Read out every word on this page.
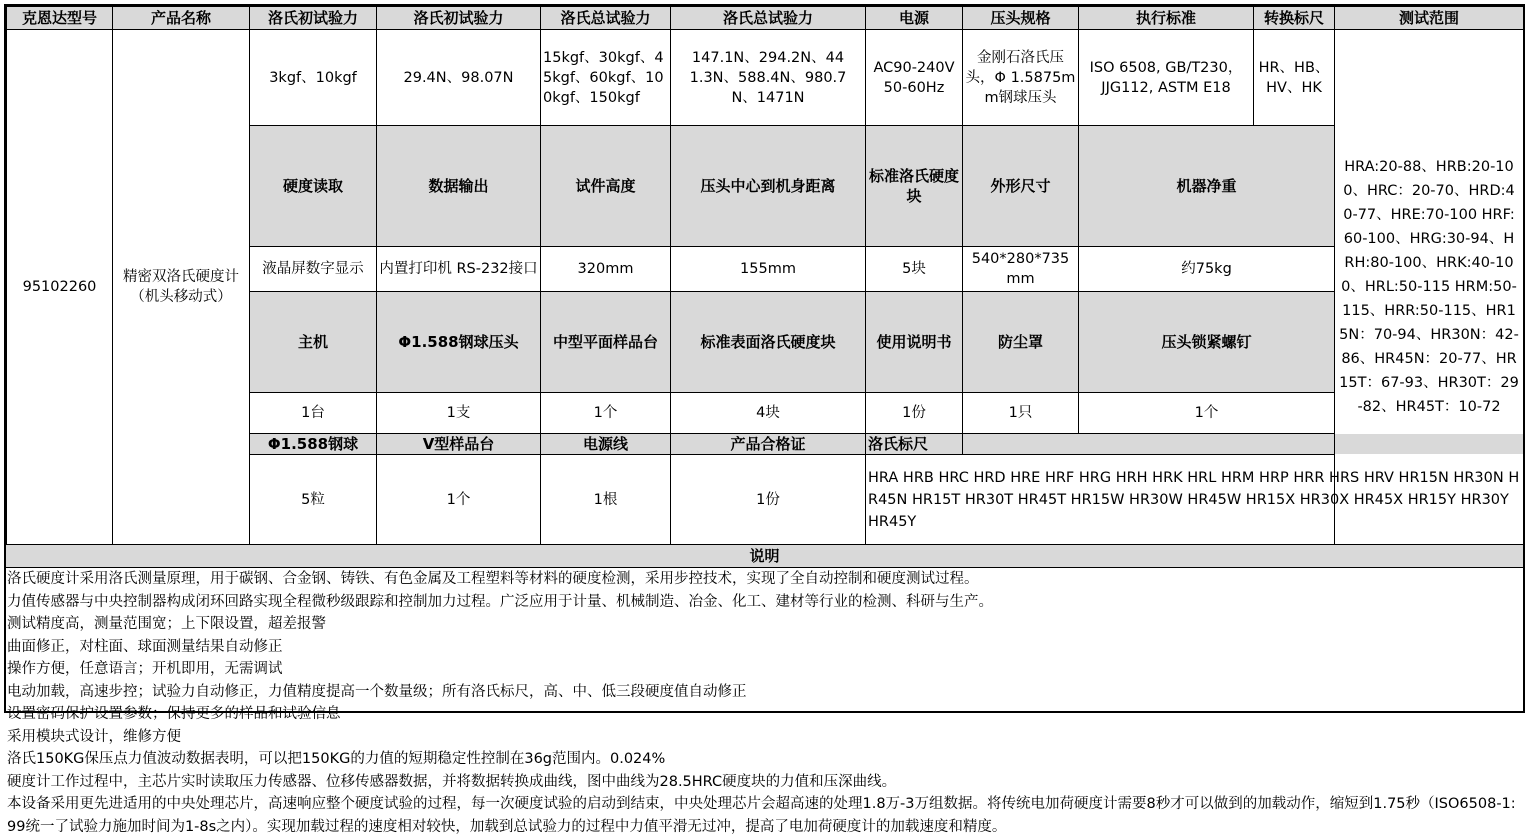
克恩达型号	产品名称	洛氏初试验力	洛氏初试验力	洛氏总试验力	洛氏总试验力	电源	压头规格	执行标准	转换标尺	测试范围	
95102260	精密双洛氏硬度计（机头移动式）	3kgf、10kgf	29.4N、98.07N	15kgf、30kgf、45kgf、60kgf、100kgf、150kgf	147.1N、294.2N、441.3N、588.4N、980.7N、1471N	AC90-240V 50-60Hz	金刚石洛氏压头，Φ 1.5875mm钢球压头	ISO 6508, GB/T230，JJG112, ASTM E18	HR、HB、HV、HK	HRA:20-88、HRB:20-100、HRC：20-70、HRD:40-77、HRE:70-100 HRF:60-100、HRG:30-94、HRH:80-100、HRK:40-100、HRL:50-115 HRM:50-115、HRR:50-115、HR15N：70-94、HR30N：42-86、HR45N：20-77、HR15T：67-93、HR30T：29-82、HR45T：10-72	
		硬度读取	数据输出	试件高度	压头中心到机身距离	标准洛氏硬度块	外形尺寸	机器净重	
		液晶屏数字显示	内置打印机 RS-232接口	320mm	155mm	5块	540*280*735mm	约75kg	
		主机	Φ1.588钢球压头	中型平面样品台	标准表面洛氏硬度块	使用说明书	防尘罩	压头锁紧螺钉	
		1台	1支	1个	4块	1份	1只	1个	
		Φ1.588钢球	V型样品台	电源线	产品合格证	洛氏标尺					
		5粒	1个	1根	1份	HRA HRB HRC HRD HRE HRF HRG HRH HRK HRL HRM HRP HRR HRS HRV HR15N HR30N HR45N HR15T HR30T HR45T HR15W HR30W HR45W HR15X HR30X HR45X HR15Y HR30Y HR45Y					
说明
洛氏硬度计采用洛氏测量原理，用于碳钢、合金钢、铸铁、有色金属及工程塑料等材料的硬度检测，采用步控技术，实现了全自动控制和硬度测试过程。
力值传感器与中央控制器构成闭环回路实现全程微秒级跟踪和控制加力过程。广泛应用于计量、机械制造、冶金、化工、建材等行业的检测、科研与生产。
测试精度高，测量范围宽；上下限设置，超差报警
曲面修正，对柱面、球面测量结果自动修正
操作方便，任意语言；开机即用，无需调试
电动加载，高速步控；试验力自动修正，力值精度提高一个数量级；所有洛氏标尺，高、中、低三段硬度值自动修正
设置密码保护设置参数；保持更多的样品和试验信息
采用模块式设计，维修方便
洛氏150KG保压点力值波动数据表明，可以把150KG的力值的短期稳定性控制在36g范围内。0.024%
硬度计工作过程中，主芯片实时读取压力传感器、位移传感器数据，并将数据转换成曲线，图中曲线为28.5HRC硬度块的力值和压深曲线。
本设备采用更先进适用的中央处理芯片，高速响应整个硬度试验的过程，每一次硬度试验的启动到结束，中央处理芯片会超高速的处理1.8万-3万组数据。将传统电加荷硬度计需要8秒才可以做到的加载动作，缩短到1.75秒（ISO6508-1:99统一了试验力施加时间为1-8s之内）。实现加载过程的速度相对较快，加载到总试验力的过程中力值平滑无过冲，提高了电加荷硬度计的加载速度和精度。
